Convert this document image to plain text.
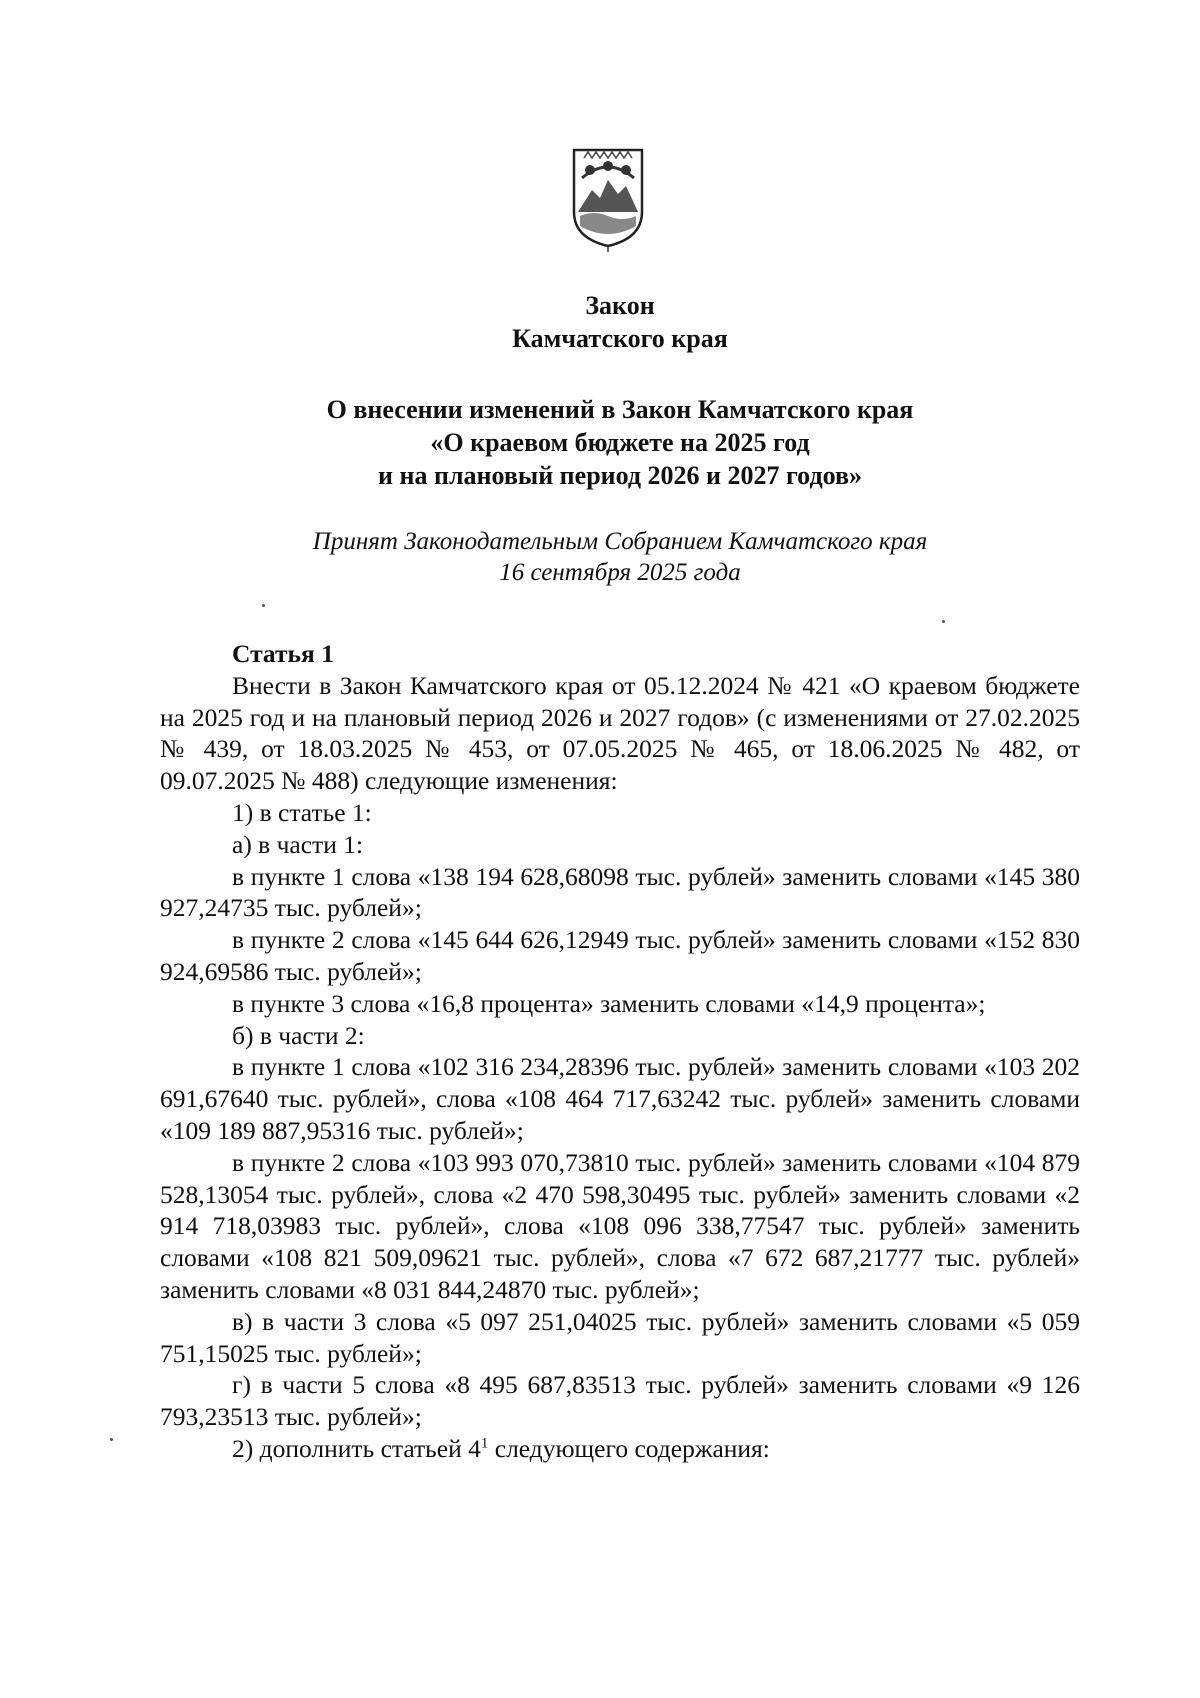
Закон
Камчатского края
О внесении изменений в Закон Камчатского края
«О краевом бюджете на 2025 год
и на плановый период 2026 и 2027 годов»
Принят Законодательным Собранием Камчатского края
16 сентября 2025 года
Статья 1
Внести в Закон Камчатского края от 05.12.2024 № 421 «О краевом бюджете на 2025 год и на плановый период 2026 и 2027 годов» (с изменениями от 27.02.2025 № 439, от 18.03.2025 № 453, от 07.05.2025 № 465, от 18.06.2025 № 482, от 09.07.2025 № 488) следующие изменения:
1) в статье 1:
а) в части 1:
в пункте 1 слова «138 194 628,68098 тыс. рублей» заменить словами «145 380 927,24735 тыс. рублей»;
в пункте 2 слова «145 644 626,12949 тыс. рублей» заменить словами «152 830 924,69586 тыс. рублей»;
в пункте 3 слова «16,8 процента» заменить словами «14,9 процента»;
б) в части 2:
в пункте 1 слова «102 316 234,28396 тыс. рублей» заменить словами «103 202 691,67640 тыс. рублей», слова «108 464 717,63242 тыс. рублей» заменить словами «109 189 887,95316 тыс. рублей»;
в пункте 2 слова «103 993 070,73810 тыс. рублей» заменить словами «104 879 528,13054 тыс. рублей», слова «2 470 598,30495 тыс. рублей» заменить словами «2 914 718,03983 тыс. рублей», слова «108 096 338,77547 тыс. рублей» заменить словами «108 821 509,09621 тыс. рублей», слова «7 672 687,21777 тыс. рублей» заменить словами «8 031 844,24870 тыс. рублей»;
в) в части 3 слова «5 097 251,04025 тыс. рублей» заменить словами «5 059 751,15025 тыс. рублей»;
г) в части 5 слова «8 495 687,83513 тыс. рублей» заменить словами «9 126 793,23513 тыс. рублей»;
2) дополнить статьей $4^1$ следующего содержания:
